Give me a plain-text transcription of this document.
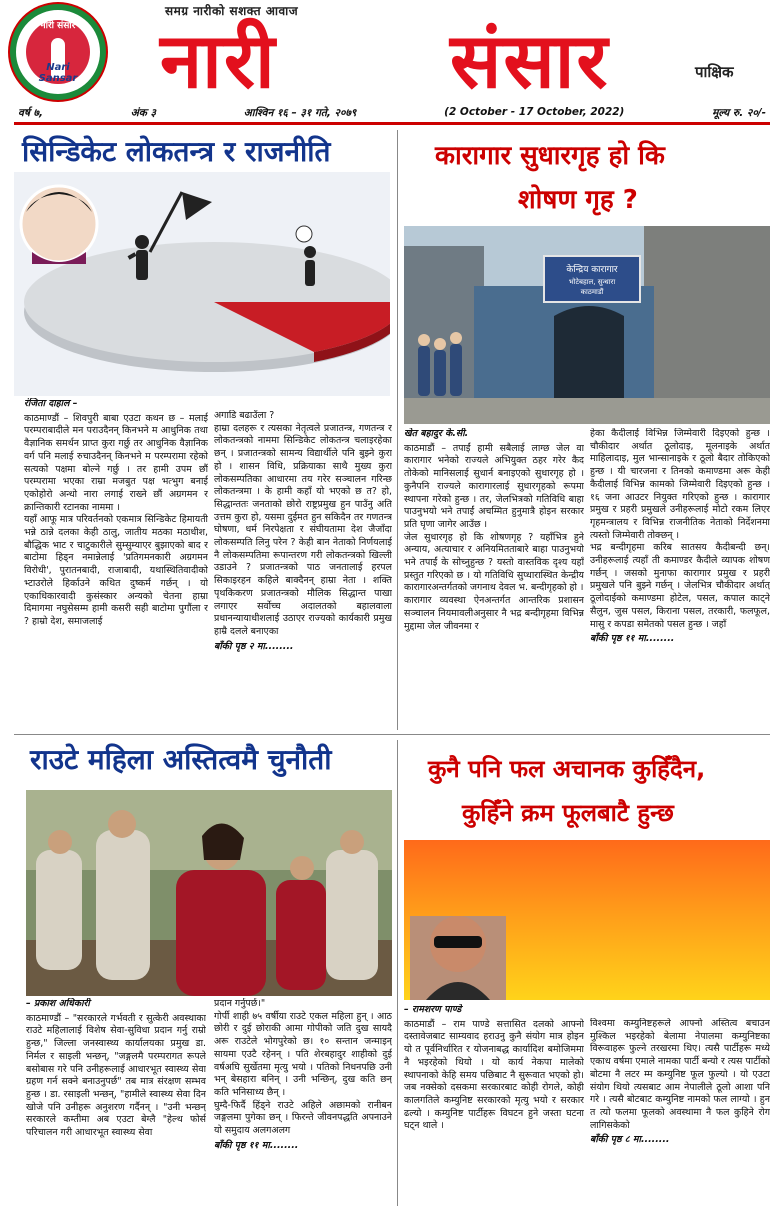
नारी संसार
Nari Sansar
समग्र नारीको सशक्त आवाज
नारी	संसार	पाक्षिक
वर्ष ७,	अंक ३	आश्विन १६ – ३१ गते, २०७९	(2 October - 17 October, 2022)	मूल्य रु. २०/-
सिन्डिकेट लोकतन्त्र र राजनीति

रंजिता दाहाल –

काठमाण्डौं – शिवपुरी बाबा एउटा कथन छ – मलाई परम्पराबादीले मन पराउदैनन् किनभने म आधुनिक तथा वैज्ञानिक समर्थन प्राप्त कुरा गर्छु तर आधुनिक वैज्ञानिक वर्ग पनि मलाई रुचाउदैनन् किनभने म परम्परामा रहेको सत्यको पक्षमा बोल्ने गर्छु । तर हामी उपम छौं परम्परामा भएका राम्रा मजबुत पक्ष भत्भुग बनाई एकोहोरो अन्धो नारा लगाई राख्ने छौं अग्रगमन र क्रान्तिकारी रटानका नाममा ।
यहाँ आफू मात्र परिवर्तनको एकमात्र सिन्डिकेट हिमायती भन्ने ठान्ने दलका केही ठालु, जातीय मठका मठाधीश, बौद्धिक भाट र चाटुकारीले सुम्सुम्याएर बुझाएको बाद र बाटोमा हिड्न नमान्नेलाई 'प्रतिगमनकारी अग्रगमन विरोधी', पुरातनबादी, राजाबादी, यथास्थितिवादीको भ्टाउरोले हिर्काउने कथित दुष्कर्म गर्छन् । यो एकाधिकारवादी कुसंस्कार अन्यको चेतना हाम्रा दिमागमा नघुसेसम्म हामी कसरी सही बाटोमा पुगौंला र ? हाम्रो देश, समाजलाई

अगाडि बढाउँला ?
हाम्रा दलहरू र त्यसका नेतृत्वले प्रजातन्त्र, गणतन्त्र र लोकतन्त्रको नाममा सिन्डिकेट लोकतन्त्र चलाइरहेका छन् । प्रजातन्त्रको सामन्य विद्यार्थीले पनि बुझ्ने कुरा हो । शासन विधि, प्रक्रियाका साथै मुख्य कुरा लोकसम्पतिका आधारमा तय गरेर सञ्चालन गरिन्छ लोकतन्त्रमा । के हामी कहाँ यो भएको छ त? हो, सिद्धान्ततः जनताको छोरो राष्ट्रप्रमुख हुन पाउँनु अति उत्तम कुरा हो, यसमा दुईमत हुन सकिदैन तर गणतन्त्र घोषणा, धर्म निरपेक्षता र संघीयतामा देश जैजाँदा लोकसम्पति लिनु परेन ? केही बान नेताको निर्णयलाई नै लोकसम्पतिमा रूपान्तरण गरी लोकतन्त्रको खिल्ली उडाउने ? प्रजातन्त्रको पाठ जनतालाई हरपल सिकाइरहन कहिले बाक्दैनन् हाम्रा नेता । शक्ति पृथकिकरण प्रजातन्त्रको मौलिक सिद्धान्त पाखा लगाएर सर्वोच्च अदालतको बहालवाला प्रधानन्यायाधीशलाई उठाएर राज्यको कार्यकारी प्रमुख हाम्रै दलले बनाएका

बाँकी पृष्ठ २ मा........

कारागार सुधारगृह हो कि
शोषण गृह ?
केन्द्रिय कारागार
भोटेबहाल, सुन्धारा
काठमाडौं

खेत बहादुर के.सी.

काठमाडौं – तपाईं हामी सबैलाई लाग्छ जेल वा कारागार भनेको राज्यले अभियुक्त ठहर गरेर कैद तोकेको मानिसलाई सुधार्न बनाइएको सुधारगृह हो । कुनैपनि राज्यले कारागारलाई सुधारगृहको रूपमा स्थापना गरेको हुन्छ । तर, जेलभित्रको गतिविधि बाहा पाउनुभयो भने तपाईं अचम्मित हुनुमात्रै होइन सरकार प्रति घृणा जागेर आउँछ ।
जेल सुधारगृह हो कि शोषणगृह ? यहाँभित्र हुने अन्याय, अत्याचार र अनियमितताबारे बाहा पाउनुभयो भने तपाईं के सोच्नुहुन्छ ? यस्तो वास्तविक दृश्य यहाँ प्रस्तुत गरिएको छ । यो गतिविधि सुप्धारास्थित केन्द्रीय कारागारअन्तर्गतको जगनाथ देवल भ. बन्दीगृहको हो ।
कारागार व्यवस्था ऐनअन्तर्गत आन्तरिक प्रशासन सञ्चालन नियमावलीअनुसार नै भद्र बन्दीगृहमा विभिन्न मुद्दामा जेल जीवनमा र

हेका कैदीलाई विभिन्न जिम्मेवारी दिइएको हुन्छ । चौकीदार अर्थात ठूलोदाइ, मूलनाइके अर्थात माहिलादाइ, मुल भान्सानाइके र ठूलो बैदार तोकिएको हुन्छ । यी चारजना र तिनको कमाण्डमा अरू केही कैदीलाई विभिन्न कामको जिम्मेवारी दिइएको हुन्छ । १६ जना आउटर नियुक्त गरिएको हुन्छ । कारागार प्रमुख र प्रहरी प्रमुखले उनीहरूलाई मोटो रकम लिएर गृहमन्त्रालय र विभिन्न राजनीतिक नेताको निर्देशनमा त्यस्तो जिम्मेवारी तोक्छन् ।
भद्र बन्दीगृहमा करिब सातसय कैदीबन्दी छन्। उनीहरूलाई त्यहाँ ती कमाण्डर कैदीले व्यापक शोषण गर्छन् । जसको मुनाफा कारागार प्रमुख र प्रहरी प्रमुखले पनि बुझ्ने गर्छन् । जेलभित्र चौकीदार अर्थात् ठूलोदाईको कमाण्डमा होटेल, पसल, कपाल काट्ने सैलुन, जुस पसल, किराना पसल, तरकारी, फलफूल, मासु र कपडा समेतको पसल हुन्छ । जहाँ

बाँकी पृष्ठ ११ मा........

राउटे महिला अस्तित्वमै चुनौती

– प्रकाश अधिकारी

काठमाण्डौं – "सरकारले गर्भवती र सुत्केरी अवस्थाका राउटे महिलालाई विशेष सेवा-सुविधा प्रदान गर्नु राम्रो हुन्छ," जिल्ला जनस्वास्थ्य कार्यालयका प्रमुख डा. निर्मल र साइली भन्छन्, "जङ्गलमै परम्परागत रूपले बसोबास गरे पनि उनीहरूलाई आधारभूत स्वास्थ्य सेवा ग्रहण गर्न सक्ने बनाउनुपर्छ" तब मात्र संरक्षण सम्भव हुन्छ । डा. रसाइली भन्छन्, "हामीले स्वास्थ्य सेवा दिन खोजे पनि उनीहरू अनुशरण गर्दैनन् । "उनी भन्छन् सरकारले कम्तीमा अब एउटा बेग्लै "हेल्थ फोर्स परिचालन गरी आधारभूत स्वास्थ्य सेवा

प्रदान गर्नुपर्छ।"
गोर्पी शाही ७५ वर्षीया राउटे एकल महिला हुन् । आठ छोरी र दुई छोराकी आमा गोपीको जति दुख सायदै अरू राउटेले भोगपुरेको छ। १० सन्तान जन्माइन् सायमा एउटै रहेनन् । पति शेरबहादुर शाहीको दुई वर्षअघि सुर्खेतमा मृत्यु भयो । पतिको निधनपछि उनी भन् बेसहारा बनिन् । उनी भन्छिन्, दुख कति छन् कति भनिसाध्य छैन् ।
घुम्दै-फिर्दै हिंड्ने राउटे अहिले अछामको रानीबन जङ्गलमा पुगेका छन् । फिरन्ते जीवनपद्धति अपनाउने यो समुदाय अलगअलग

बाँकी पृष्ठ ११ मा........

कुनै पनि फल अचानक कुहिँदैन,
कुहिँने क्रम फूलबाटै हुन्छ

– रामशरण पाण्डे

काठमाडौं – राम पाण्डे सत्तासित दलको आफ्नो दस्तावेजबाट साम्यवाद हराउनु कुनै संयोग मात्र होइन यो त पूर्वनिर्धारित र योजनाबद्ध कार्यादिश बमोजिममा नै भइरहेको थियो । यो कार्य नेकपा मालेको स्थापनाको केहि समय पछिबाट नै सुरूवात भएको हो। जब नक्सेको दसकमा सरकारबाट कोही रोगले, कोही कालगतिले कम्युनिष्ट सरकारको मृत्यु भयो र सरकार ढल्यो । कम्युनिष्ट पार्टीहरू विघटन हुने जस्ता घटना घट्न थाले ।

विश्वमा कम्युनिष्टहरूले आफ्नो अस्तित्व बचाउन मुश्किल भइरहेको बेलामा नेपालमा कम्युनिष्टका विरूवाहरू फुल्ने तरखरमा थिए। त्यसै पार्टीहरू मध्ये एकाध वर्षमा एमाले नामका पार्टी बन्यो र त्यस पार्टीको बोटमा नै लटर म्म कम्युनिष्ट फूल फुल्यो । यो एउटा संयोग थियो त्यसबाट आम नेपालीले ठूलो आशा पनि गरे । त्यसै बोटबाट कम्युनिष्ट नामको फल लाग्यो । हुन त त्यो फलमा फूलको अवस्थामा नै फल कुहिने रोग लागिसकेको

बाँकी पृष्ठ ८ मा........
